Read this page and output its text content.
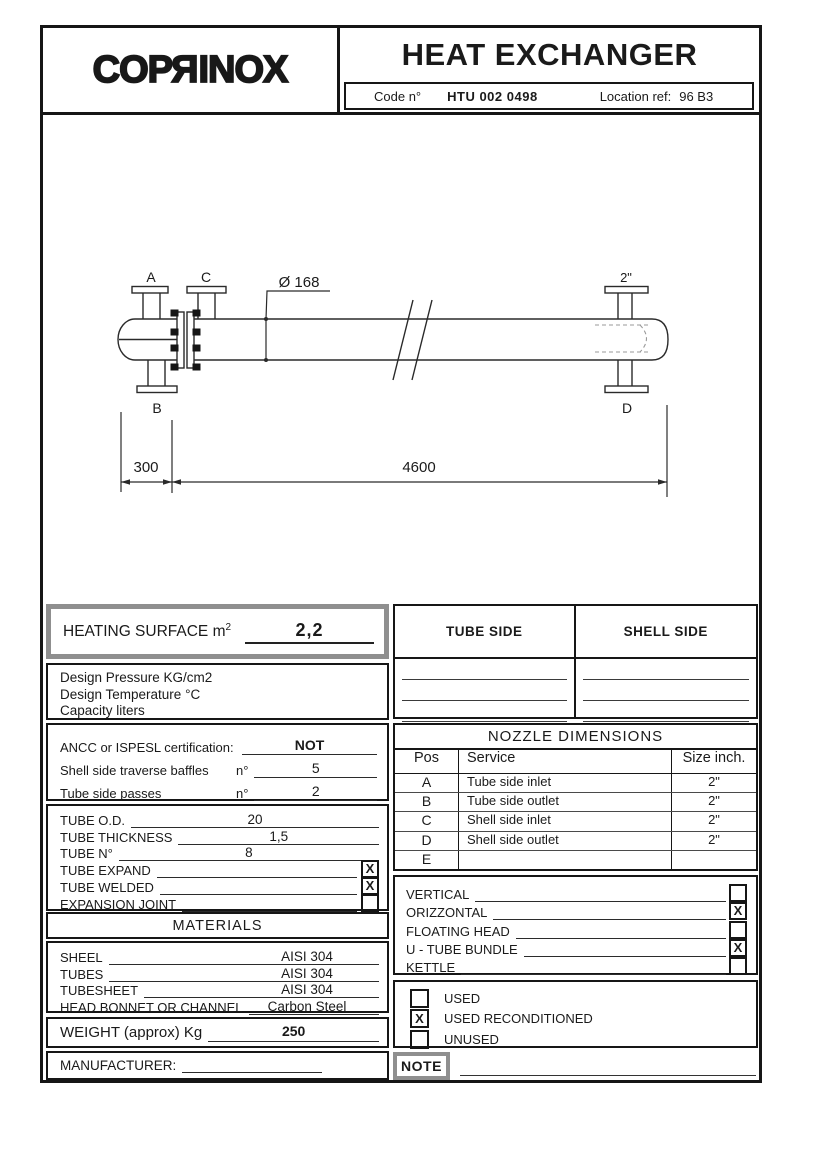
COPRINOX	HEAT EXCHANGER
Code n° HTU 002 0498	Location ref: 96 B3
A	C
B
2"
D
Ø 168
300	4600
HEATING SURFACE $m^2$	2,2
Design Pressure KG/cm2
Design Temperature °C
Capacity liters
ANCC or ISPESL certification:	NOT
Shell side traverse baffles	n°	5
Tube side passes	n°	2
TUBE O.D.	20
TUBE THICKNESS	1,5
TUBE N°	8
TUBE EXPAND	X
TUBE WELDED	X
EXPANSION JOINT
MATERIALS
SHEEL	AISI 304
TUBES	AISI 304
TUBESHEET	AISI 304
HEAD BONNET OR CHANNEL	Carbon Steel
WEIGHT (approx) Kg	250
MANUFACTURER:
TUBE SIDE	SHELL SIDE
NOZZLE DIMENSIONS
Pos	Service	Size inch.
A	Tube side inlet	2"
B	Tube side outlet	2"
C	Shell side inlet	2"
D	Shell side outlet	2"
E
VERTICAL
ORIZZONTAL	X
FLOATING HEAD
U - TUBE BUNDLE	X
KETTLE
USED
X	USED RECONDITIONED
UNUSED
NOTE
